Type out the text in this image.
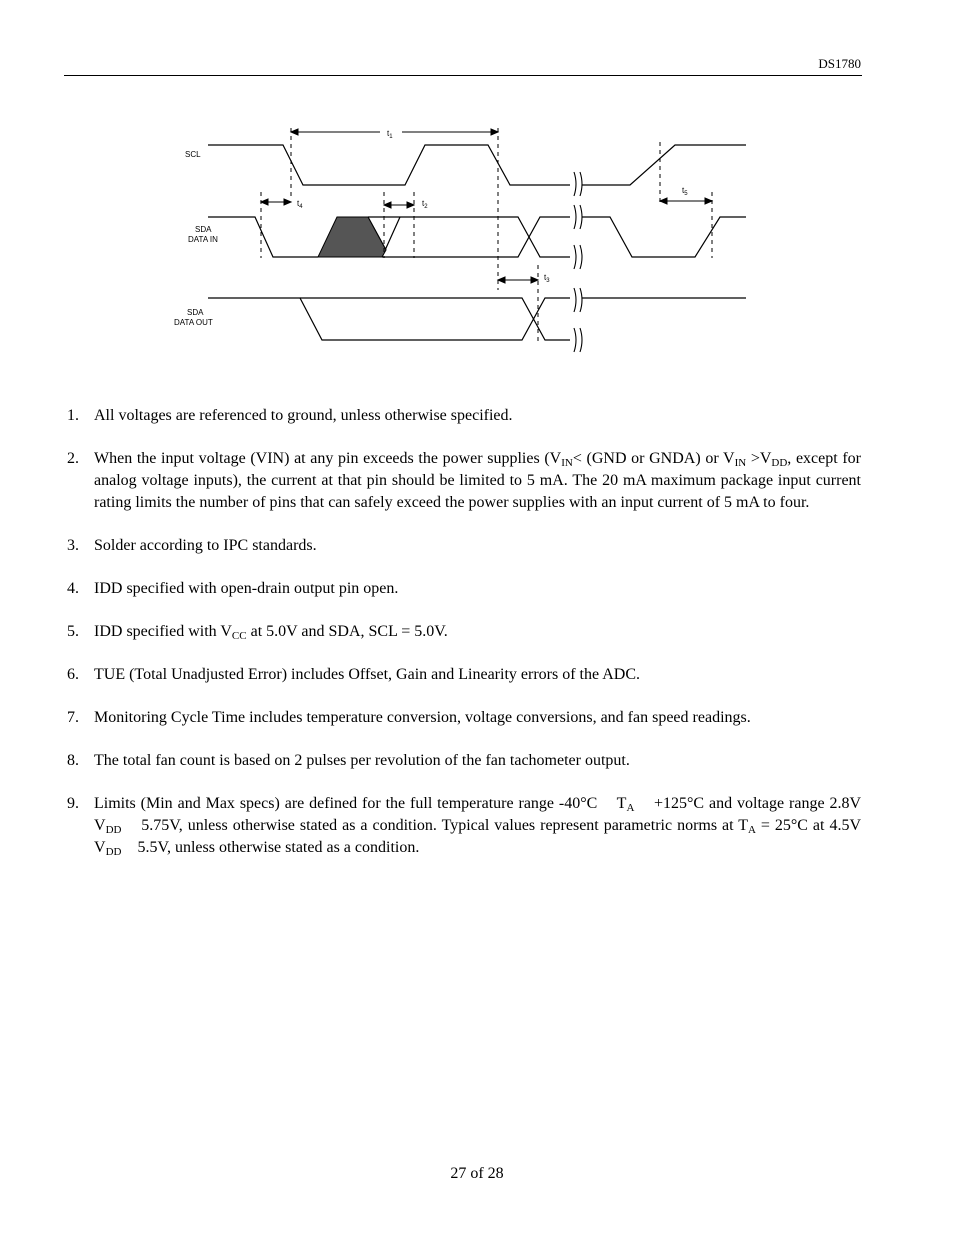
DS1780
SCL
SDA
DATA IN
SDA
DATA OUT
$t_1$
$t_4$	$t_2$
$t_3$
$t_5$
1. All voltages are referenced to ground, unless otherwise specified.
2. When the input voltage (VIN) at any pin exceeds the power supplies ($V_{IN}< (GND$ or GNDA) or $V_{IN} >V_{DD}$, except for analog voltage inputs), the current at that pin should be limited to 5 mA. The 20 mA maximum package input current rating limits the number of pins that can safely exceed the power supplies with an input current of 5 mA to four.
3. Solder according to IPC standards.
4. IDD specified with open-drain output pin open.
5. IDD specified with $V_{CC}$ at 5.0V and SDA, SCL = 5.0V.
6. TUE (Total Unadjusted Error) includes Offset, Gain and Linearity errors of the ADC.
7. Monitoring Cycle Time includes temperature conversion, voltage conversions, and fan speed readings.
8. The total fan count is based on 2 pulses per revolution of the fan tachometer output.
9. Limits (Min and Max specs) are defined for the full temperature range -40°C    $T_A$    +125°C and voltage range 2.8V    $V_{DD}$    5.75V, unless otherwise stated as a condition. Typical values represent parametric norms at $T_A = 25^\circ C$ at 4.5V    $V_{DD}$    5.5V, unless otherwise stated as a condition.
27 of 28
